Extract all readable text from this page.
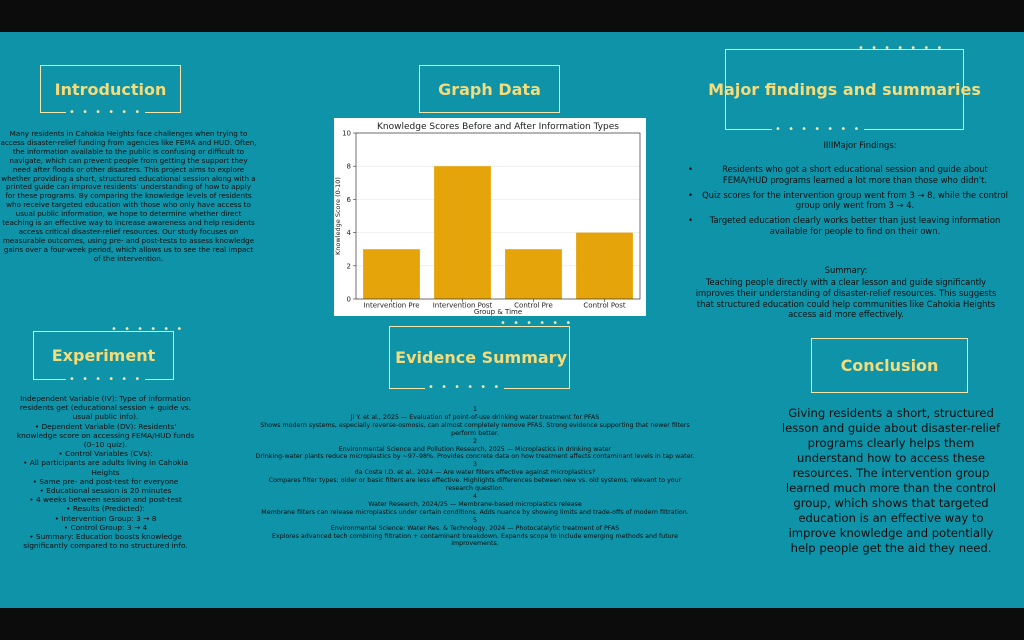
Introduction
• • • • • •
Many residents in Cahokia Heights face challenges when trying to access disaster-relief funding from agencies like FEMA and HUD. Often, the information available to the public is confusing or difficult to navigate, which can prevent people from getting the support they need after floods or other disasters. This project aims to explore whether providing a short, structured educational session along with a printed guide can improve residents' understanding of how to apply for these programs. By comparing the knowledge levels of residents who receive targeted education with those who only have access to usual public information, we hope to determine whether direct teaching is an effective way to increase awareness and help residents access critical disaster-relief resources. Our study focuses on measurable outcomes, using pre- and post-tests to assess knowledge gains over a four-week period, which allows us to see the real impact of the intervention.
Graph Data
0
2
4
6
8
10
Intervention Pre Intervention Post	Control Pre	Control Post
Knowledge Scores Before and After Information Types
Group & Time
Knowledge Score (0-10)
• • • • • •
• • • • • • •
Major findings and summaries
• • • • • • •
IIIIMajor Findings:
• Residents who got a short educational session and guide about FEMA/HUD programs learned a lot more than those who didn't.
• Quiz scores for the intervention group went from 3 → 8, while the control group only went from 3 → 4.
• Targeted education clearly works better than just leaving information available for people to find on their own.
Summary:
Teaching people directly with a clear lesson and guide significantly improves their understanding of disaster-relief resources. This suggests that structured education could help communities like Cahokia Heights access aid more effectively.
• • • • • •
Experiment
• • • • • •
Independent Variable (IV): Type of information residents get (educational session + guide vs. usual public info).
• Dependent Variable (DV): Residents' knowledge score on accessing FEMA/HUD funds (0–10 quiz).
• Control Variables (CVs):
• All participants are adults living in Cahokia Heights
• Same pre- and post-test for everyone
• Educational session is 20 minutes
• 4 weeks between session and post-test
• Results (Predicted):
• Intervention Group: 3 → 8
• Control Group: 3 → 4
• Summary: Education boosts knowledge significantly compared to no structured info.
Evidence Summary
• • • • • •
1
Ji Y. et al., 2025 — Evaluation of point-of-use drinking water treatment for PFAS
Shows modern systems, especially reverse-osmosis, can almost completely remove PFAS. Strong evidence supporting that newer filters perform better.
2
Environmental Science and Pollution Research, 2025 — Microplastics in drinking water
Drinking-water plants reduce microplastics by ~97–98%. Provides concrete data on how treatment affects contaminant levels in tap water.
3
da Costa I.D. et al., 2024 — Are water filters effective against microplastics?
Compares filter types; older or basic filters are less effective. Highlights differences between new vs. old systems, relevant to your research question.
4
Water Research, 2024/25 — Membrane-based microplastics release
Membrane filters can release microplastics under certain conditions. Adds nuance by showing limits and trade-offs of modern filtration.
5
Environmental Science: Water Res. & Technology, 2024 — Photocatalytic treatment of PFAS
Explores advanced tech combining filtration + contaminant breakdown. Expands scope to include emerging methods and future improvements.
Conclusion
Giving residents a short, structured lesson and guide about disaster-relief programs clearly helps them understand how to access these resources. The intervention group learned much more than the control group, which shows that targeted education is an effective way to improve knowledge and potentially help people get the aid they need.
